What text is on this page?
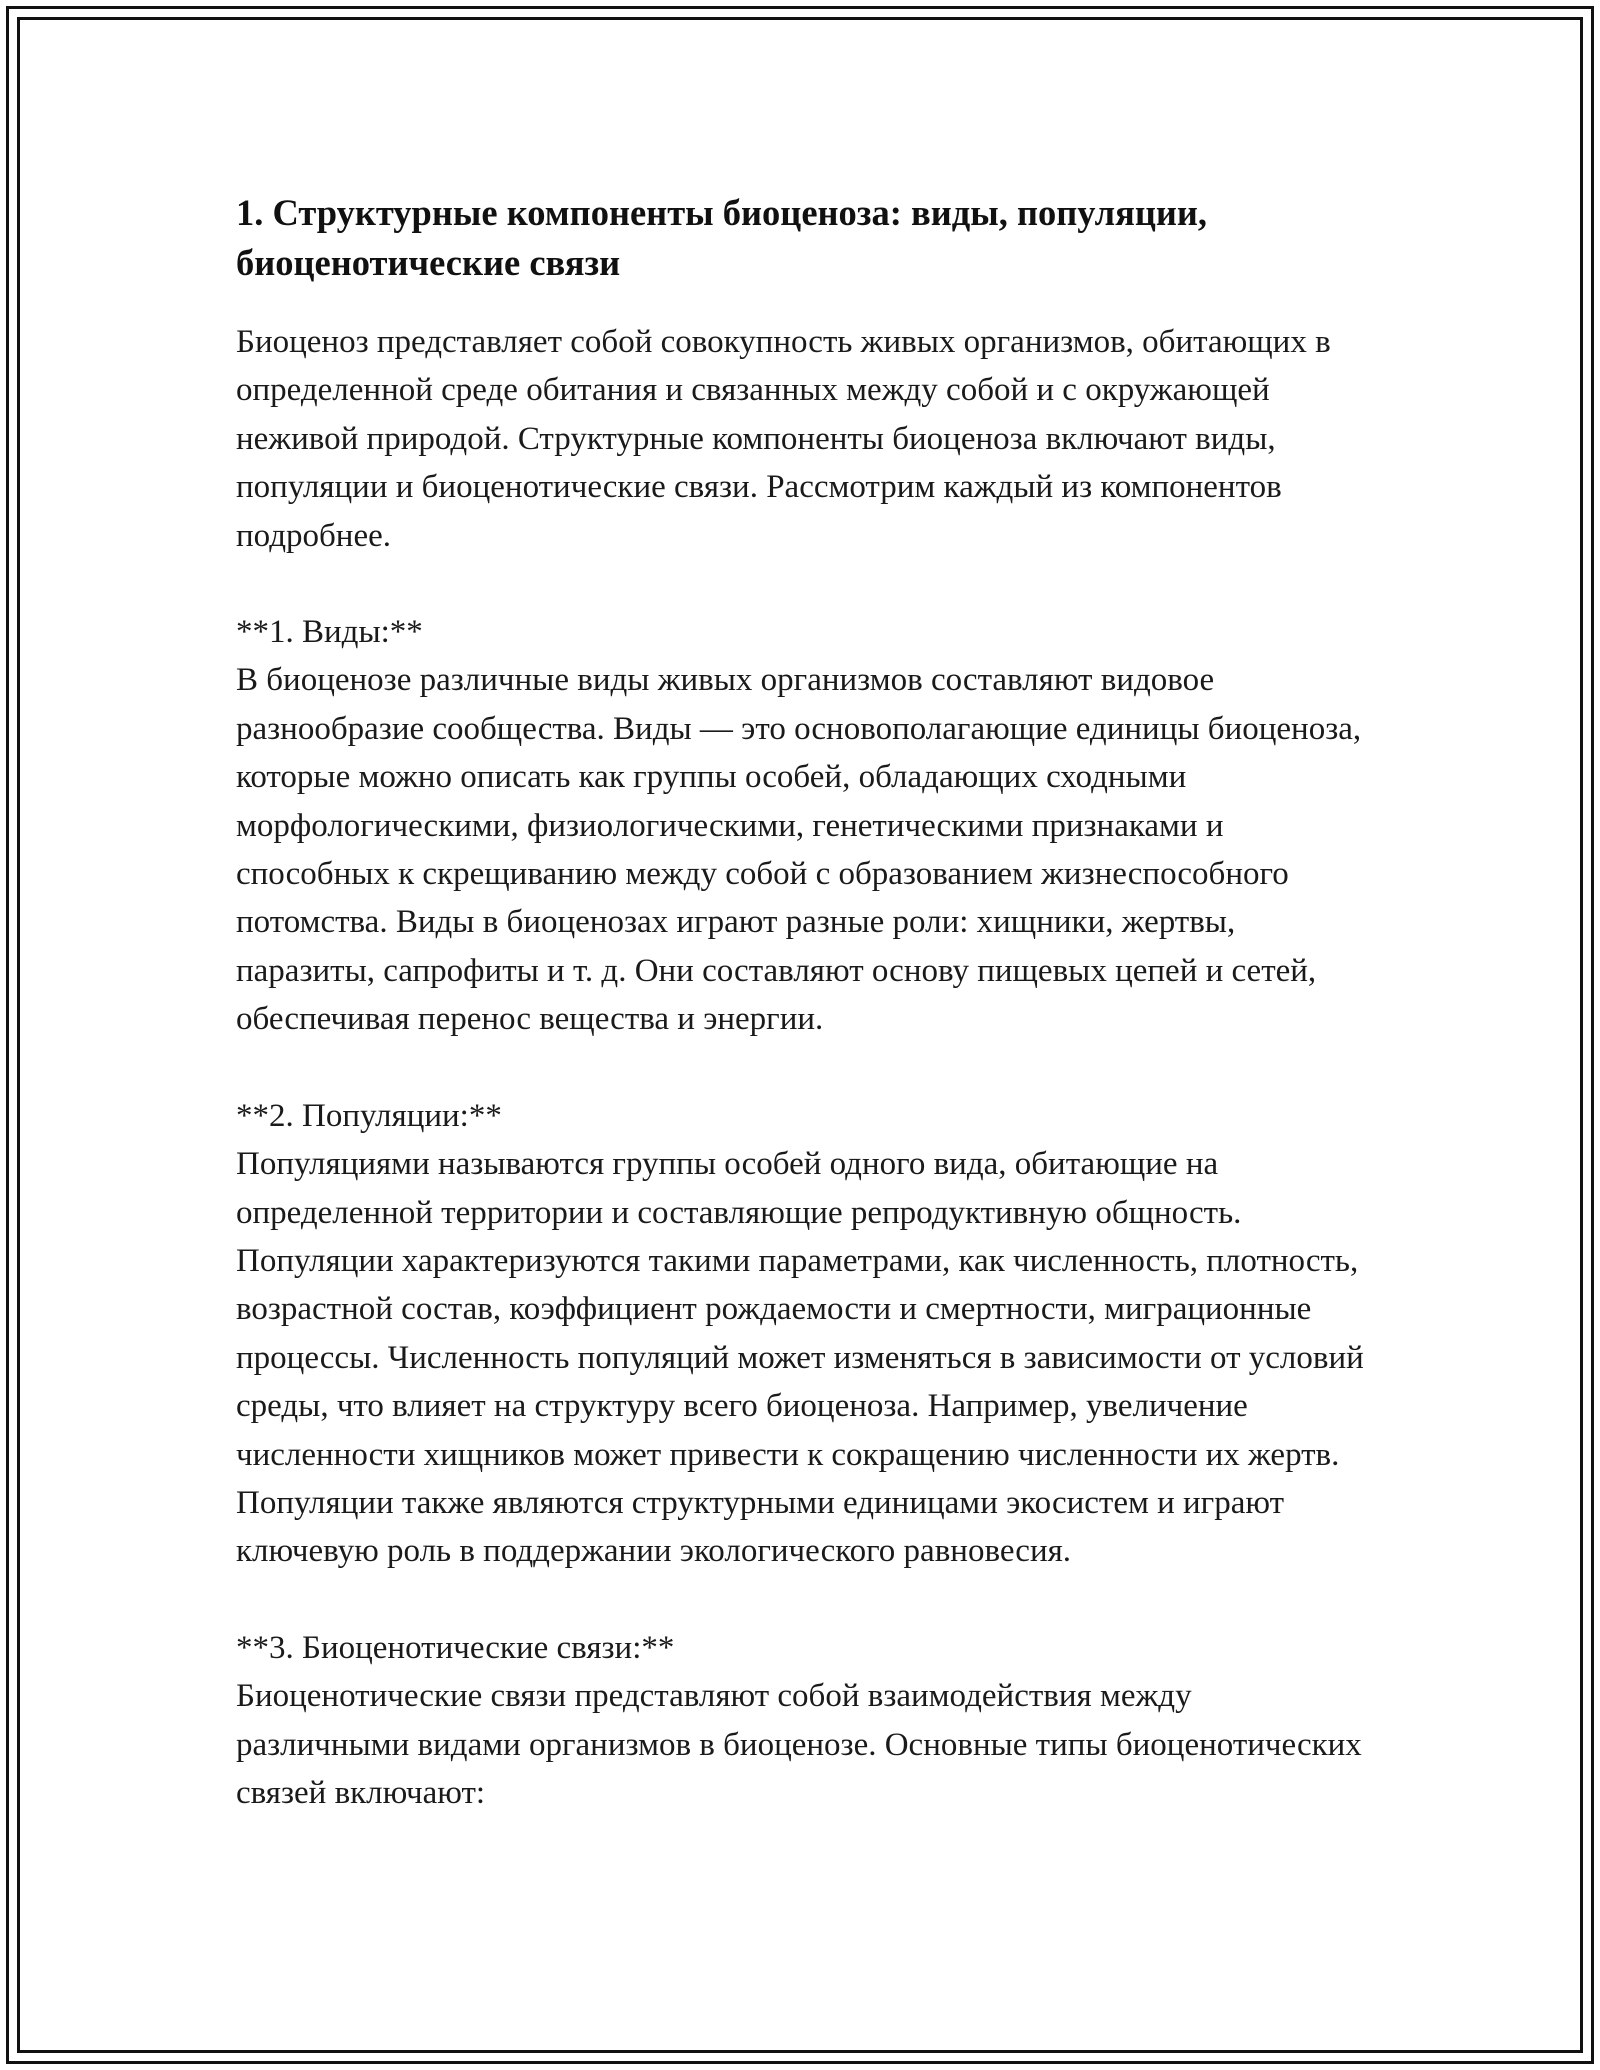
1. Структурные компоненты биоценоза: виды, популяции, биоценотические связи

Биоценоз представляет собой совокупность живых организмов, обитающих в определенной среде обитания и связанных между собой и с окружающей неживой природой. Структурные компоненты биоценоза включают виды, популяции и биоценотические связи. Рассмотрим каждый из компонентов подробнее.

**1. Виды:**

В биоценозе различные виды живых организмов составляют видовое разнообразие сообщества. Виды — это основополагающие единицы биоценоза, которые можно описать как группы особей, обладающих сходными морфологическими, физиологическими, генетическими признаками и способных к скрещиванию между собой с образованием жизнеспособного потомства. Виды в биоценозах играют разные роли: хищники, жертвы, паразиты, сапрофиты и т. д. Они составляют основу пищевых цепей и сетей, обеспечивая перенос вещества и энергии.

**2. Популяции:**

Популяциями называются группы особей одного вида, обитающие на определенной территории и составляющие репродуктивную общность. Популяции характеризуются такими параметрами, как численность, плотность, возрастной состав, коэффициент рождаемости и смертности, миграционные процессы. Численность популяций может изменяться в зависимости от условий среды, что влияет на структуру всего биоценоза. Например, увеличение численности хищников может привести к сокращению численности их жертв. Популяции также являются структурными единицами экосистем и играют ключевую роль в поддержании экологического равновесия.

**3. Биоценотические связи:**

Биоценотические связи представляют собой взаимодействия между различными видами организмов в биоценозе. Основные типы биоценотических связей включают:
